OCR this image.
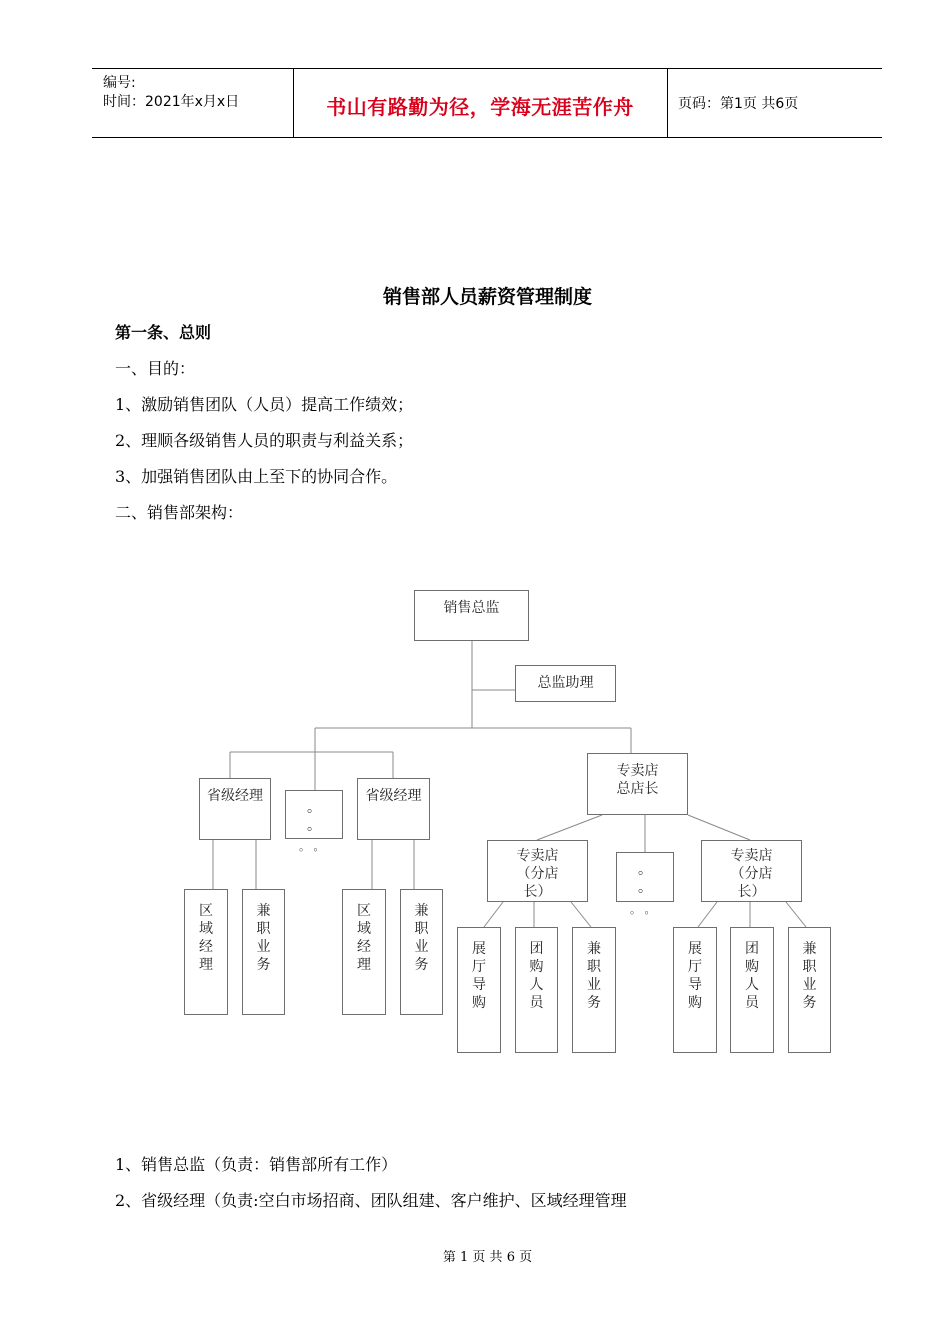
编号:
时间：2021年x月x日	书山有路勤为径，学海无涯苦作舟	页码：第1页 共6页
销售部人员薪资管理制度
第一条、总则
一、目的：
1、激励销售团队（人员）提高工作绩效；
2、理顺各级销售人员的职责与利益关系；
3、加强销售团队由上至下的协同合作。
二、销售部架构：
销售总监
总监助理
省级经理
。
。
。 。
省级经理
区
域
经
理
兼
职
业
务
区
域
经
理
兼
职
业
务
专卖店
总店长
专卖店
（分店
长）
。
。
。 。
专卖店
（分店
长）
展
厅
导
购
团
购
人
员
兼
职
业
务
展
厅
导
购
团
购
人
员
兼
职
业
务
1、销售总监（负责：销售部所有工作）
2、省级经理（负责:空白市场招商、团队组建、客户维护、区域经理管理
第 1 页 共 6 页
